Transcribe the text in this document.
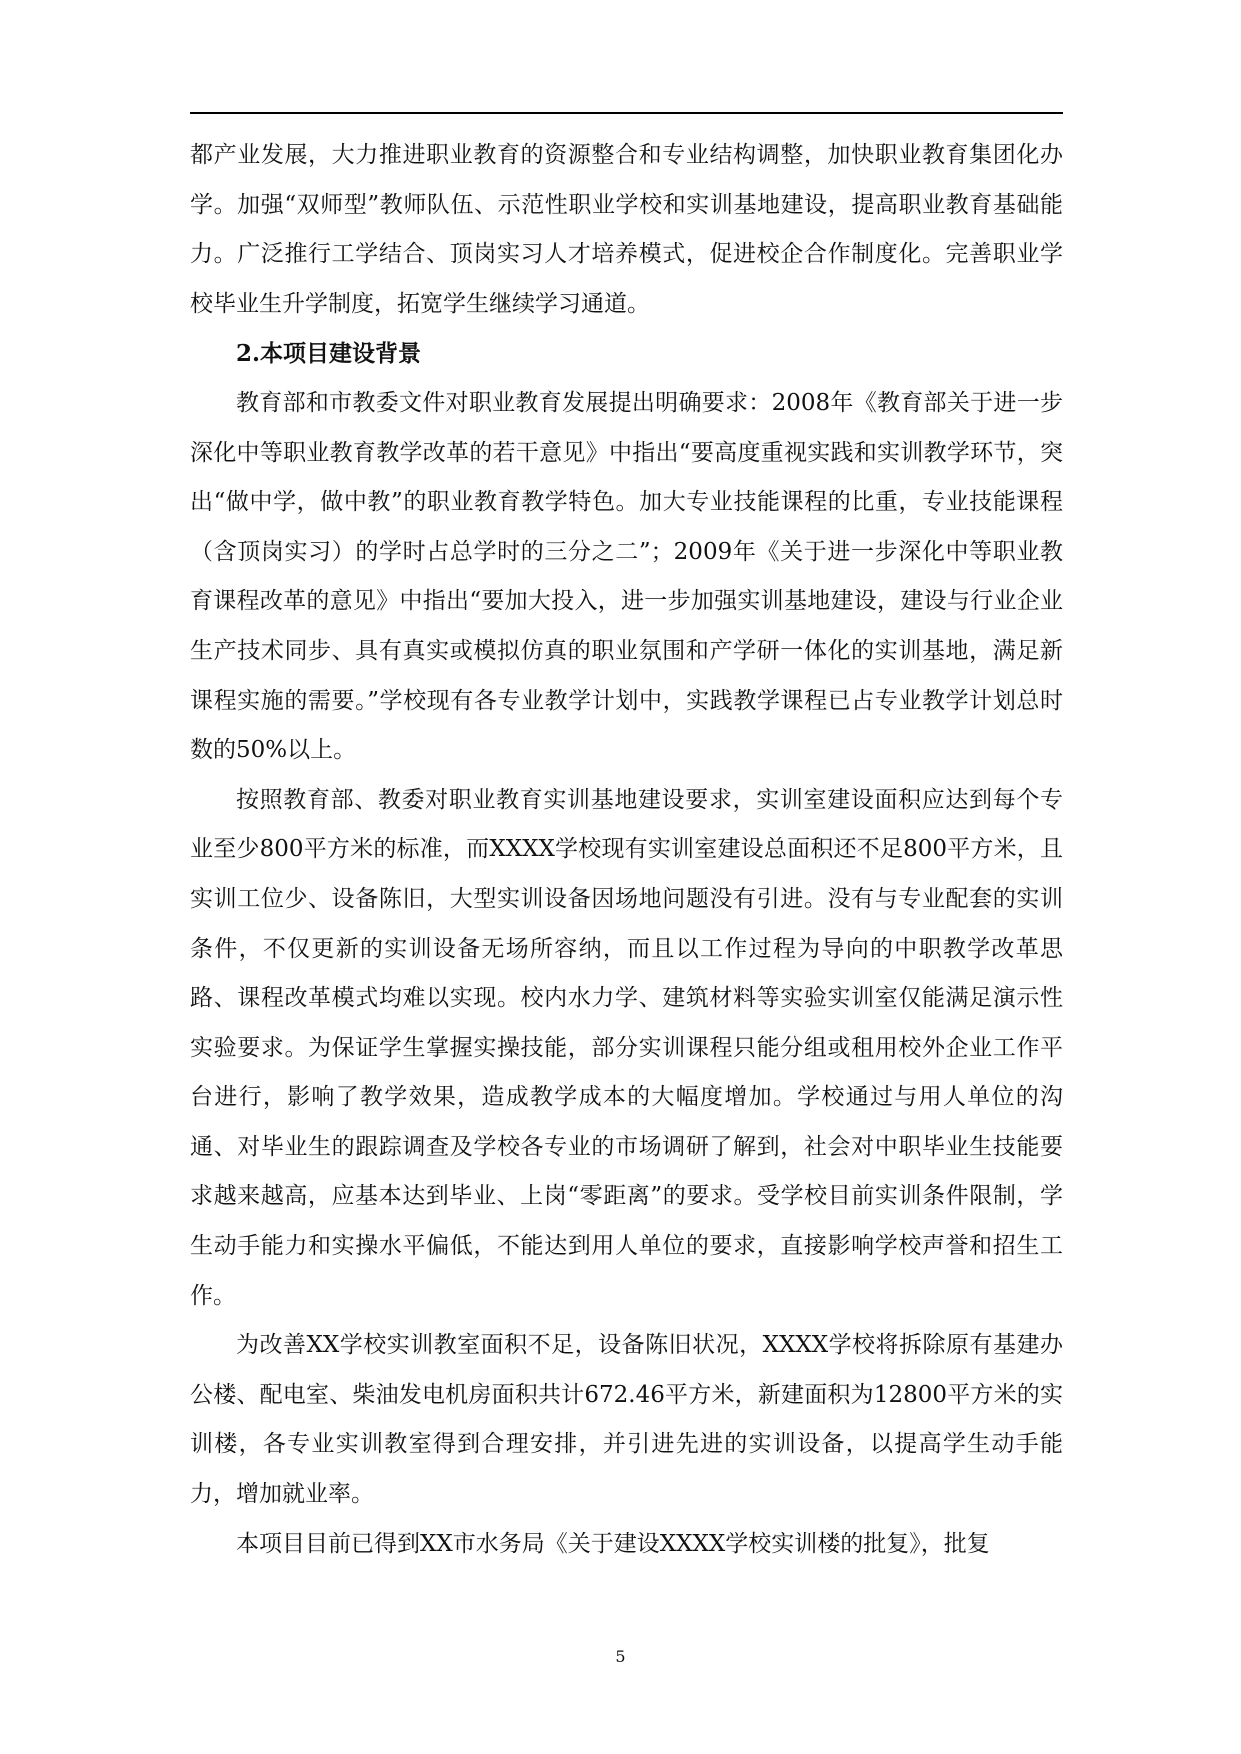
都产业发展，大力推进职业教育的资源整合和专业结构调整，加快职业教育集团化办学。加强“双师型”教师队伍、示范性职业学校和实训基地建设，提高职业教育基础能力。广泛推行工学结合、顶岗实习人才培养模式，促进校企合作制度化。完善职业学校毕业生升学制度，拓宽学生继续学习通道。

2.本项目建设背景

教育部和市教委文件对职业教育发展提出明确要求：2008年《教育部关于进一步深化中等职业教育教学改革的若干意见》中指出“要高度重视实践和实训教学环节，突出“做中学，做中教”的职业教育教学特色。加大专业技能课程的比重，专业技能课程（含顶岗实习）的学时占总学时的三分之二”；2009年《关于进一步深化中等职业教育课程改革的意见》中指出“要加大投入，进一步加强实训基地建设，建设与行业企业生产技术同步、具有真实或模拟仿真的职业氛围和产学研一体化的实训基地，满足新课程实施的需要。”学校现有各专业教学计划中，实践教学课程已占专业教学计划总时数的50%以上。

按照教育部、教委对职业教育实训基地建设要求，实训室建设面积应达到每个专业至少800平方米的标准，而XXXX学校现有实训室建设总面积还不足800平方米，且实训工位少、设备陈旧，大型实训设备因场地问题没有引进。没有与专业配套的实训条件，不仅更新的实训设备无场所容纳，而且以工作过程为导向的中职教学改革思路、课程改革模式均难以实现。校内水力学、建筑材料等实验实训室仅能满足演示性实验要求。为保证学生掌握实操技能，部分实训课程只能分组或租用校外企业工作平台进行，影响了教学效果，造成教学成本的大幅度增加。学校通过与用人单位的沟通、对毕业生的跟踪调查及学校各专业的市场调研了解到，社会对中职毕业生技能要求越来越高，应基本达到毕业、上岗“零距离”的要求。受学校目前实训条件限制，学生动手能力和实操水平偏低，不能达到用人单位的要求，直接影响学校声誉和招生工作。

为改善XX学校实训教室面积不足，设备陈旧状况，XXXX学校将拆除原有基建办公楼、配电室、柴油发电机房面积共计672.46平方米，新建面积为12800平方米的实训楼，各专业实训教室得到合理安排，并引进先进的实训设备，以提高学生动手能力，增加就业率。

本项目目前已得到XX市水务局《关于建设XXXX学校实训楼的批复》，批复

5
